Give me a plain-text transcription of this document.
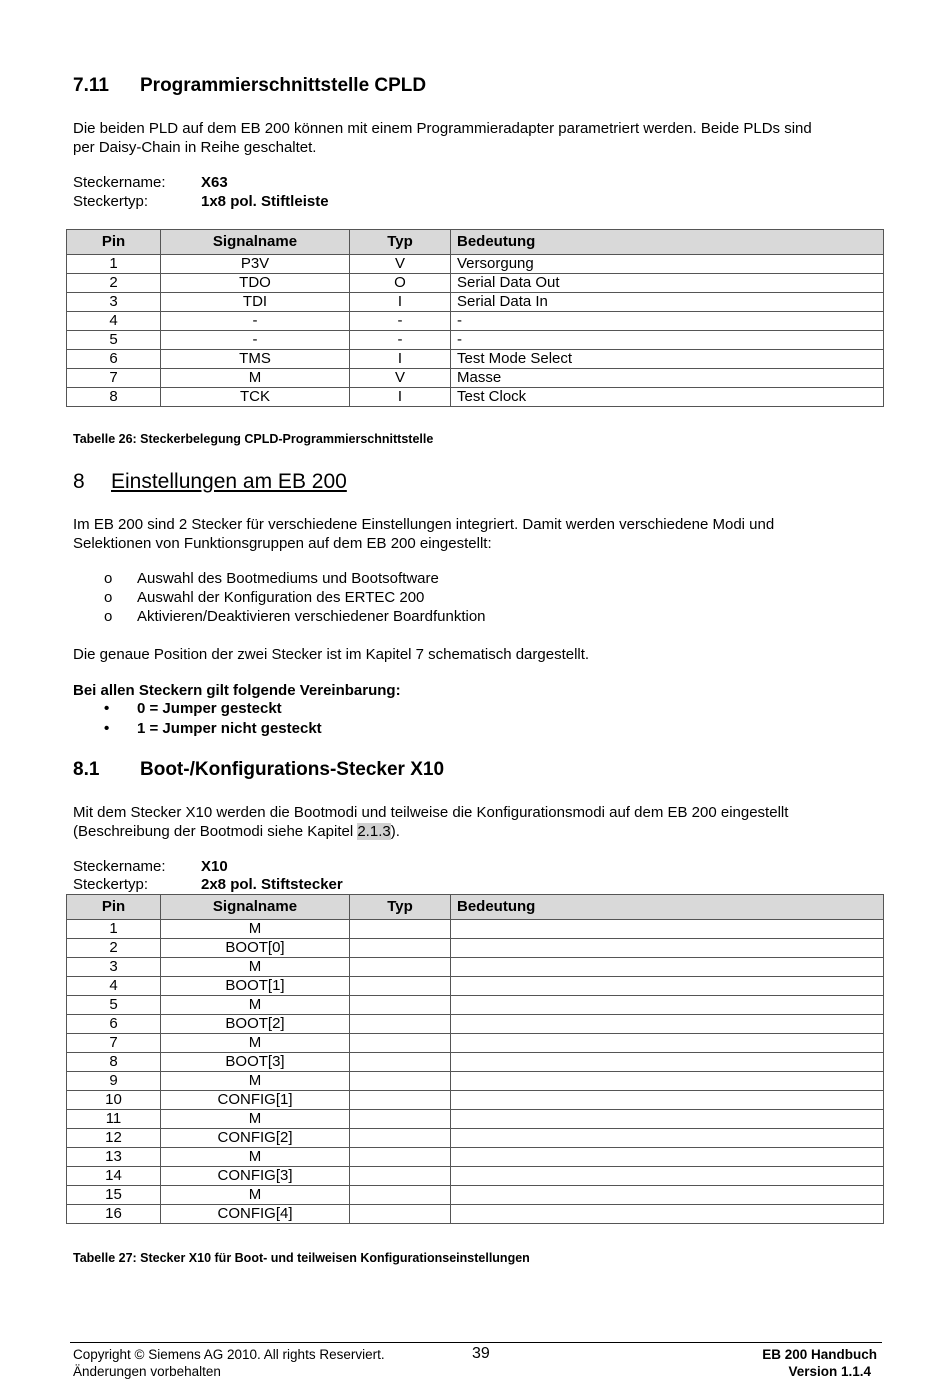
7.11 Programmierschnittstelle CPLD

Die beiden PLD auf dem EB 200 können mit einem Programmieradapter parametriert werden. Beide PLDs sind

per Daisy-Chain in Reihe geschaltet.

Steckername: X63
Steckertyp:	1x8 pol. Stiftleiste
Pin	Signalname	Typ	Bedeutung
1	P3V	V	Versorgung
2	TDO	O	Serial Data Out
3	TDI	I	Serial Data In
4	-	-	-
5	-	-	-
6	TMS	I	Test Mode Select
7	M	V	Masse
8	TCK	I	Test Clock
Tabelle 26: Steckerbelegung CPLD-Programmierschnittstelle
8 Einstellungen am EB 200

Im EB 200 sind 2 Stecker für verschiedene Einstellungen integriert. Damit werden verschiedene Modi und

Selektionen von Funktionsgruppen auf dem EB 200 eingestellt:

o Auswahl des Bootmediums und Bootsoftware
o Auswahl der Konfiguration des ERTEC 200
o Aktivieren/Deaktivieren verschiedener Boardfunktion

Die genaue Position der zwei Stecker ist im Kapitel 7 schematisch dargestellt.

Bei allen Steckern gilt folgende Vereinbarung:

• 0 = Jumper gesteckt
• 1 = Jumper nicht gesteckt
8.1 Boot-/Konfigurations-Stecker X10

Mit dem Stecker X10 werden die Bootmodi und teilweise die Konfigurationsmodi auf dem EB 200 eingestellt

(Beschreibung der Bootmodi siehe Kapitel 2.1.3).

Steckername: X10
Steckertyp:	2x8 pol. Stiftstecker
Pin	Signalname	Typ	Bedeutung
1	M		
2	BOOT[0]		
3	M		
4	BOOT[1]		
5	M		
6	BOOT[2]		
7	M		
8	BOOT[3]		
9	M		
10	CONFIG[1]		
11	M		
12	CONFIG[2]		
13	M		
14	CONFIG[3]		
15	M		
16	CONFIG[4]		
Tabelle 27: Stecker X10 für Boot- und teilweisen Konfigurationseinstellungen
Copyright © Siemens AG 2010. All rights Reserviert.
Änderungen vorbehalten
39	EB 200 Handbuch
Version 1.1.4
